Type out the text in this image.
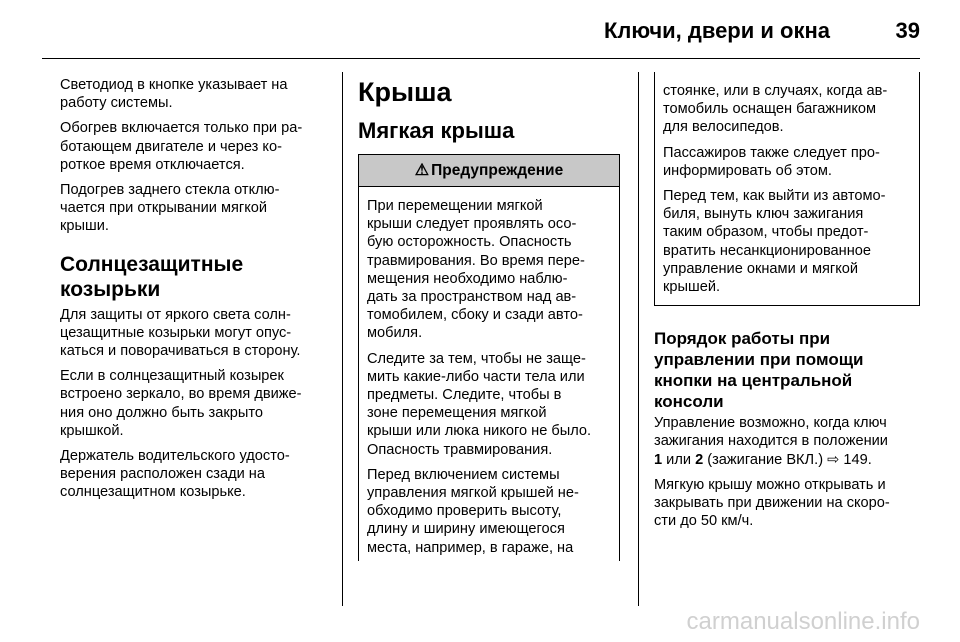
Ключи, двери и окна	39

Светодиод в кнопке указывает на
работу системы.

Обогрев включается только при ра-
ботающем двигателе и через ко-
роткое время отключается.

Подогрев заднего стекла отклю-
чается при открывании мягкой
крыши.

Солнцезащитные
козырьки

Для защиты от яркого света солн-
цезащитные козырьки могут опус-
каться и поворачиваться в сторону.

Если в солнцезащитный козырек
встроено зеркало, во время движе-
ния оно должно быть закрыто
крышкой.

Держатель водительского удосто-
верения расположен сзади на
солнцезащитном козырьке.

Крыша
Мягкая крыша
⚠ Предупреждение

При перемещении мягкой
крыши следует проявлять осо-
бую осторожность. Опасность
травмирования. Во время пере-
мещения необходимо наблю-
дать за пространством над ав-
томобилем, сбоку и сзади авто-
мобиля.

Следите за тем, чтобы не заще-
мить какие-либо части тела или
предметы. Следите, чтобы в
зоне перемещения мягкой
крыши или люка никого не было.
Опасность травмирования.

Перед включением системы
управления мягкой крышей не-
обходимо проверить высоту,
длину и ширину имеющегося
места, например, в гараже, на

стоянке, или в случаях, когда ав-
томобиль оснащен багажником
для велосипедов.

Пассажиров также следует про-
информировать об этом.

Перед тем, как выйти из автомо-
биля, вынуть ключ зажигания
таким образом, чтобы предот-
вратить несанкционированное
управление окнами и мягкой
крышей.

Порядок работы при
управлении при помощи
кнопки на центральной
консоли

Управление возможно, когда ключ
зажигания находится в положении
1 или 2 (зажигание ВКЛ.) ⇨ 149.

Мягкую крышу можно открывать и
закрывать при движении на скоро-
сти до 50 км/ч.

carmanualsonline.info
